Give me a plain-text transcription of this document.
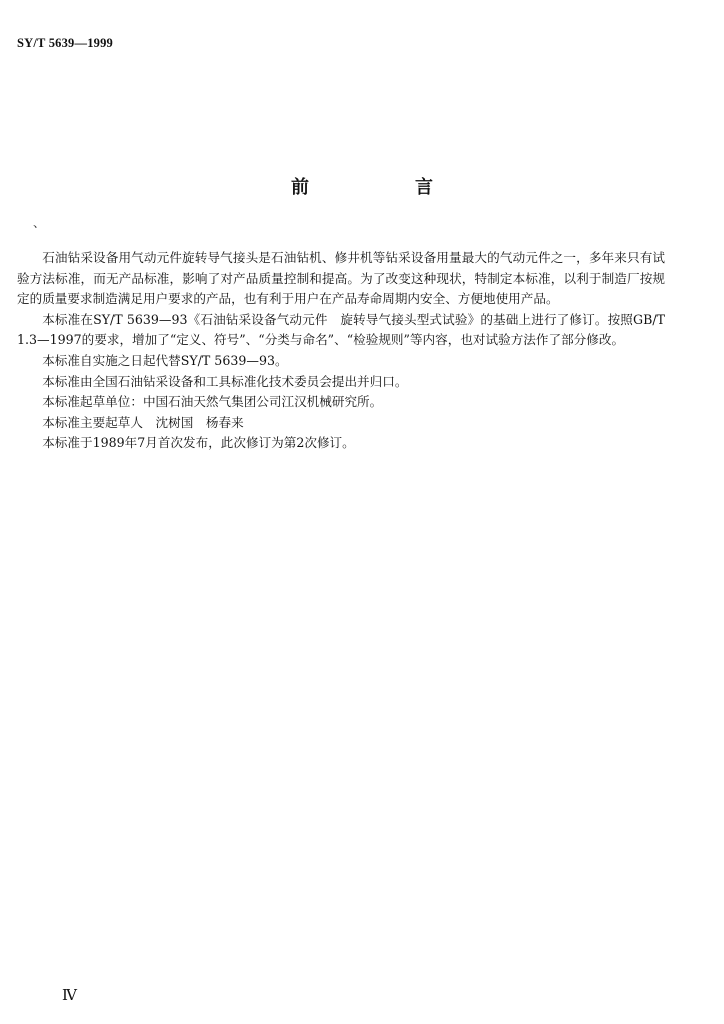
SY/T 5639—1999
前　言
、

石油钻采设备用气动元件旋转导气接头是石油钻机、修井机等钻采设备用量最大的气动元件之一，多年来只有试验方法标准，而无产品标准，影响了对产品质量控制和提高。为了改变这种现状，特制定本标准，以利于制造厂按规定的质量要求制造满足用户要求的产品，也有利于用户在产品寿命周期内安全、方便地使用产品。

本标准在SY/T 5639—93《石油钻采设备气动元件　旋转导气接头型式试验》的基础上进行了修订。按照GB/T 1.3—1997的要求，增加了“定义、符号”、“分类与命名”、“检验规则”等内容，也对试验方法作了部分修改。

本标准自实施之日起代替SY/T 5639—93。

本标准由全国石油钻采设备和工具标准化技术委员会提出并归口。

本标准起草单位：中国石油天然气集团公司江汉机械研究所。

本标准主要起草人　沈树国　杨春来

本标准于1989年7月首次发布，此次修订为第2次修订。

Ⅳ
